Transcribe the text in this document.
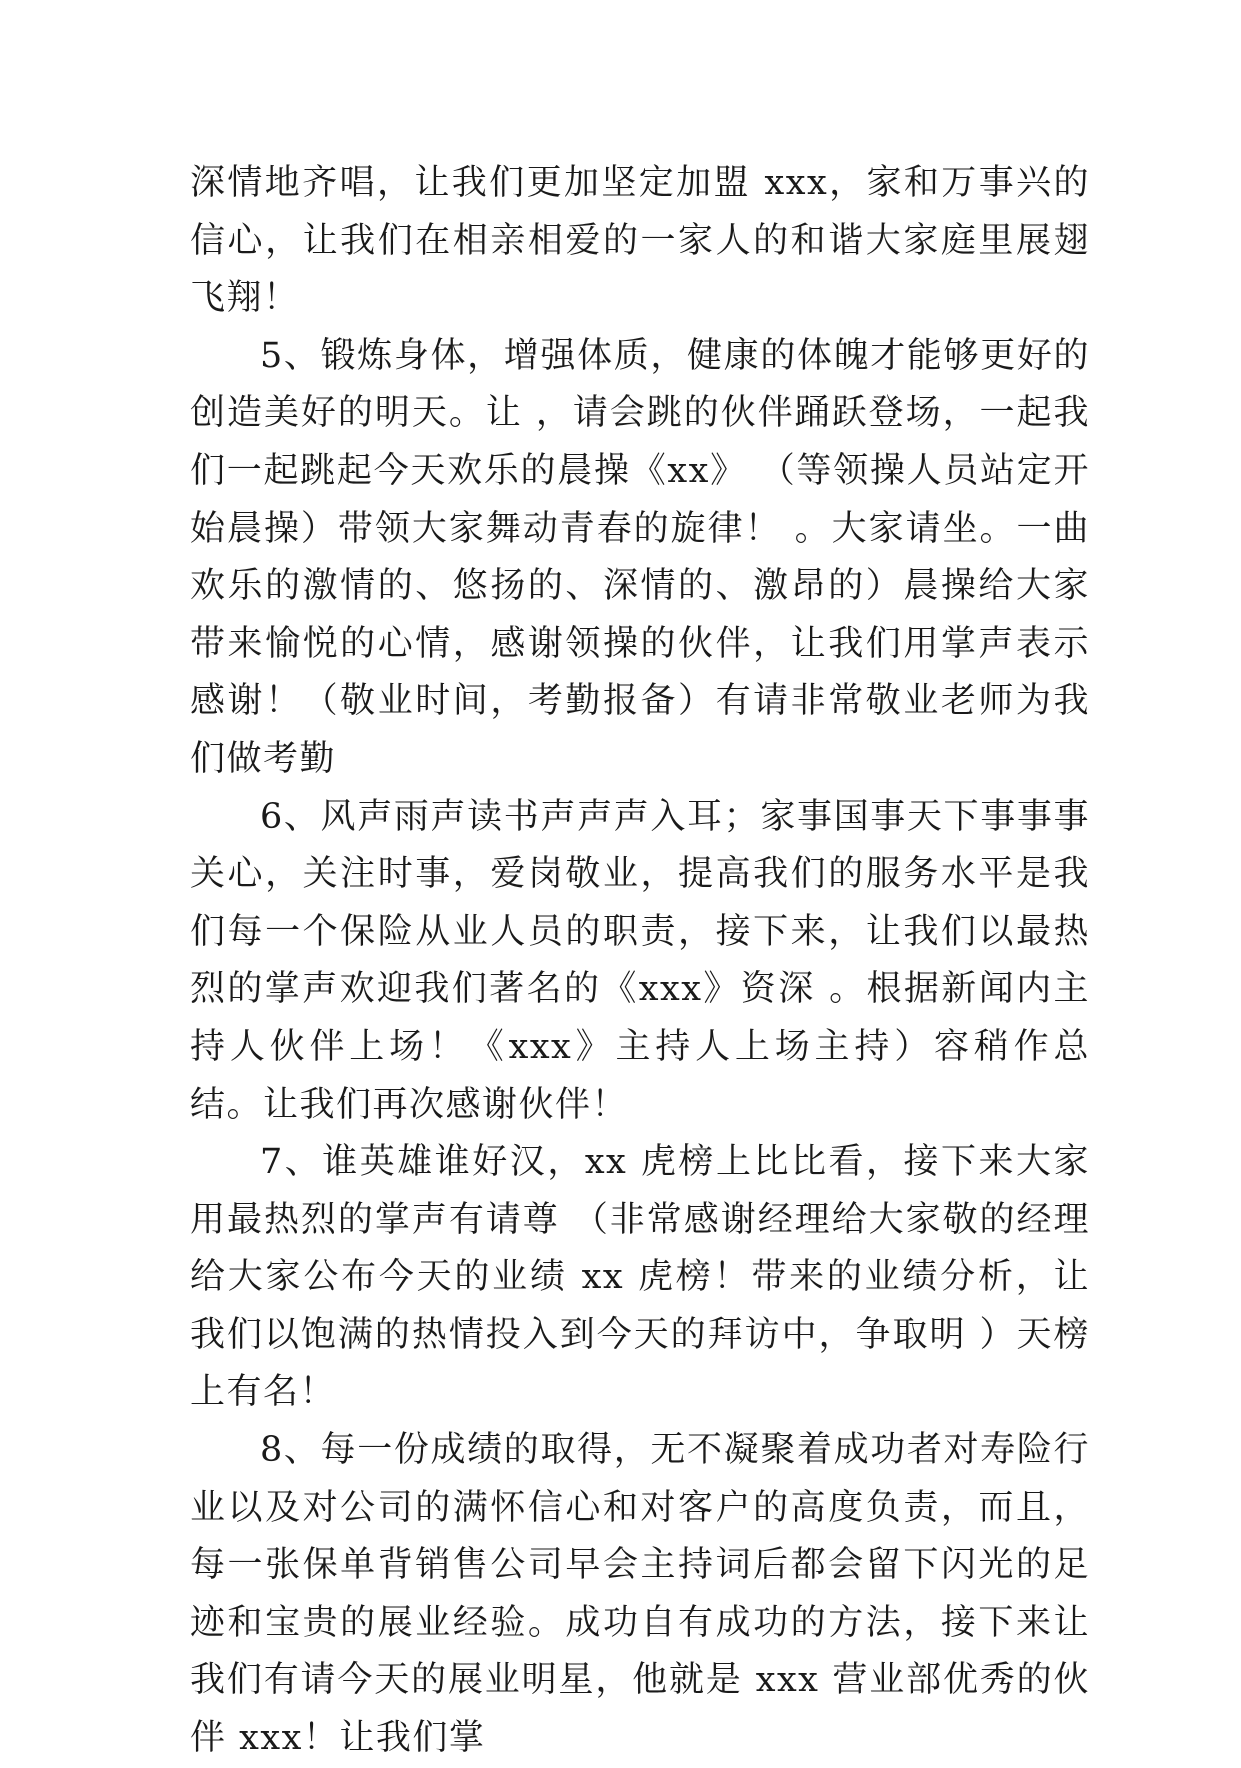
深情地齐唱，让我们更加坚定加盟 xxx，家和万事兴的信心，让我们在相亲相爱的一家人的和谐大家庭里展翅飞翔！

5、锻炼身体，增强体质，健康的体魄才能够更好的创造美好的明天。让 ，请会跳的伙伴踊跃登场，一起我们一起跳起今天欢乐的晨操《xx》 （等领操人员站定开始晨操）带领大家舞动青春的旋律！ 。大家请坐。一曲欢乐的激情的、悠扬的、深情的、激昂的）晨操给大家带来愉悦的心情，感谢领操的伙伴，让我们用掌声表示感谢！（敬业时间，考勤报备）有请非常敬业老师为我们做考勤

6、风声雨声读书声声声入耳；家事国事天下事事事关心，关注时事，爱岗敬业，提高我们的服务水平是我们每一个保险从业人员的职责，接下来，让我们以最热烈的掌声欢迎我们著名的《xxx》资深 。根据新闻内主持人伙伴上场！《xxx》主持人上场主持）容稍作总结。让我们再次感谢伙伴！

7、谁英雄谁好汉，xx 虎榜上比比看，接下来大家用最热烈的掌声有请尊 （非常感谢经理给大家敬的经理给大家公布今天的业绩 xx 虎榜！带来的业绩分析，让我们以饱满的热情投入到今天的拜访中，争取明 ）天榜上有名！

8、每一份成绩的取得，无不凝聚着成功者对寿险行业以及对公司的满怀信心和对客户的高度负责，而且，每一张保单背销售公司早会主持词后都会留下闪光的足迹和宝贵的展业经验。成功自有成功的方法，接下来让我们有请今天的展业明星，他就是 xxx 营业部优秀的伙伴 xxx！让我们掌
